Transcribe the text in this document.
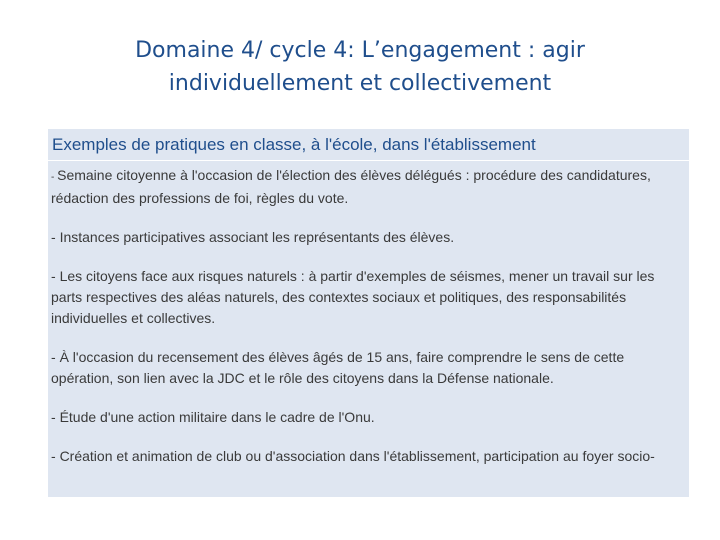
Domaine 4/ cycle 4: L’engagement : agir
individuellement et collectivement
Exemples de pratiques en classe, à l'école, dans l'établissement
- Semaine citoyenne à l'occasion de l'élection des élèves délégués : procédure des candidatures, rédaction des professions de foi, règles du vote.
- Instances participatives associant les représentants des élèves.
- Les citoyens face aux risques naturels : à partir d'exemples de séismes, mener un travail sur les parts respectives des aléas naturels, des contextes sociaux et politiques, des responsabilités individuelles et collectives.
- À l'occasion du recensement des élèves âgés de 15 ans, faire comprendre le sens de cette opération, son lien avec la JDC et le rôle des citoyens dans la Défense nationale.
- Étude d'une action militaire dans le cadre de l'Onu.
- Création et animation de club ou d'association dans l'établissement, participation au foyer socio-
